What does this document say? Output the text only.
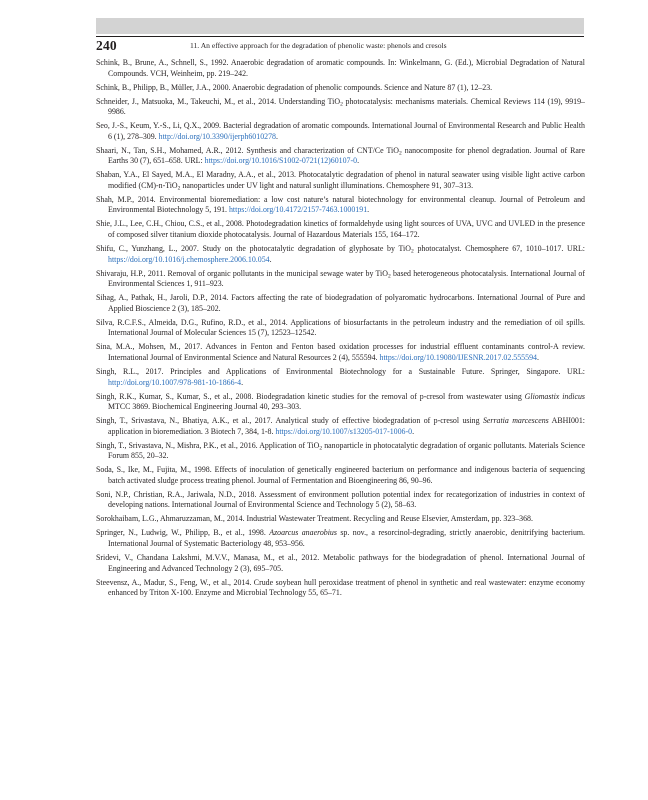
240	11. An effective approach for the degradation of phenolic waste: phenols and cresols
Schink, B., Brune, A., Schnell, S., 1992. Anaerobic degradation of aromatic compounds. In: Winkelmann, G. (Ed.), Microbial Degradation of Natural Compounds. VCH, Weinheim, pp. 219–242.
Schink, B., Philipp, B., Müller, J.A., 2000. Anaerobic degradation of phenolic compounds. Science and Nature 87 (1), 12–23.
Schneider, J., Matsuoka, M., Takeuchi, M., et al., 2014. Understanding TiO$_2$ photocatalysis: mechanisms materials. Chemical Reviews 114 (19), 9919–9986.
Seo, J.-S., Keum, Y.-S., Li, Q.X., 2009. Bacterial degradation of aromatic compounds. International Journal of Environmental Research and Public Health 6 (1), 278–309. http://doi.org/10.3390/ijerph6010278.
Shaari, N., Tan, S.H., Mohamed, A.R., 2012. Synthesis and characterization of CNT/Ce TiO$_2$ nanocomposite for phenol degradation. Journal of Rare Earths 30 (7), 651–658. URL: https://doi.org/10.1016/S1002-0721(12)60107-0.
Shaban, Y.A., El Sayed, M.A., El Maradny, A.A., et al., 2013. Photocatalytic degradation of phenol in natural seawater using visible light active carbon modified (CM)-n-TiO$_2$ nanoparticles under UV light and natural sunlight illuminations. Chemosphere 91, 307–313.
Shah, M.P., 2014. Environmental bioremediation: a low cost nature’s natural biotechnology for environmental cleanup. Journal of Petroleum and Environmental Biotechnology 5, 191. https://doi.org/10.4172/2157-7463.1000191.
Shie, J.L., Lee, C.H., Chiou, C.S., et al., 2008. Photodegradation kinetics of formaldehyde using light sources of UVA, UVC and UVLED in the presence of composed silver titanium dioxide photocatalysis. Journal of Hazardous Materials 155, 164–172.
Shifu, C., Yunzhang, L., 2007. Study on the photocatalytic degradation of glyphosate by TiO$_2$ photocatalyst. Chemosphere 67, 1010–1017. URL: https://doi.org/10.1016/j.chemosphere.2006.10.054.
Shivaraju, H.P., 2011. Removal of organic pollutants in the municipal sewage water by TiO$_2$ based heterogeneous photocatalysis. International Journal of Environmental Sciences 1, 911–923.
Sihag, A., Pathak, H., Jaroli, D.P., 2014. Factors affecting the rate of biodegradation of polyaromatic hydrocarbons. International Journal of Pure and Applied Bioscience 2 (3), 185–202.
Silva, R.C.F.S., Almeida, D.G., Rufino, R.D., et al., 2014. Applications of biosurfactants in the petroleum industry and the remediation of oil spills. International Journal of Molecular Sciences 15 (7), 12523–12542.
Sina, M.A., Mohsen, M., 2017. Advances in Fenton and Fenton based oxidation processes for industrial effluent contaminants control-A review. International Journal of Environmental Science and Natural Resources 2 (4), 555594. https://doi.org/10.19080/IJESNR.2017.02.555594.
Singh, R.L., 2017. Principles and Applications of Environmental Biotechnology for a Sustainable Future. Springer, Singapore. URL: http://doi.org/10.1007/978-981-10-1866-4.
Singh, R.K., Kumar, S., Kumar, S., et al., 2008. Biodegradation kinetic studies for the removal of p-cresol from wastewater using Gliomastix indicus MTCC 3869. Biochemical Engineering Journal 40, 293–303.
Singh, T., Srivastava, N., Bhatiya, A.K., et al., 2017. Analytical study of effective biodegradation of p-cresol using Serratia marcescens ABHI001: application in bioremediation. 3 Biotech 7, 384, 1-8. https://doi.org/10.1007/s13205-017-1006-0.
Singh, T., Srivastava, N., Mishra, P.K., et al., 2016. Application of TiO$_2$ nanoparticle in photocatalytic degradation of organic pollutants. Materials Science Forum 855, 20–32.
Soda, S., Ike, M., Fujita, M., 1998. Effects of inoculation of genetically engineered bacterium on performance and indigenous bacteria of sequencing batch activated sludge process treating phenol. Journal of Fermentation and Bioengineering 86, 90–96.
Soni, N.P., Christian, R.A., Jariwala, N.D., 2018. Assessment of environment pollution potential index for recategorization of industries in context of developing nations. International Journal of Environmental Science and Technology 5 (2), 58–63.
Sorokhaibam, L.G., Ahmaruzzaman, M., 2014. Industrial Wastewater Treatment. Recycling and Reuse Elsevier, Amsterdam, pp. 323–368.
Springer, N., Ludwig, W., Philipp, B., et al., 1998. Azoarcus anaerobius sp. nov., a resorcinol-degrading, strictly anaerobic, denitrifying bacterium. International Journal of Systematic Bacteriology 48, 953–956.
Sridevi, V., Chandana Lakshmi, M.V.V., Manasa, M., et al., 2012. Metabolic pathways for the biodegradation of phenol. International Journal of Engineering and Advanced Technology 2 (3), 695–705.
Steevensz, A., Madur, S., Feng, W., et al., 2014. Crude soybean hull peroxidase treatment of phenol in synthetic and real wastewater: enzyme economy enhanced by Triton X-100. Enzyme and Microbial Technology 55, 65–71.
